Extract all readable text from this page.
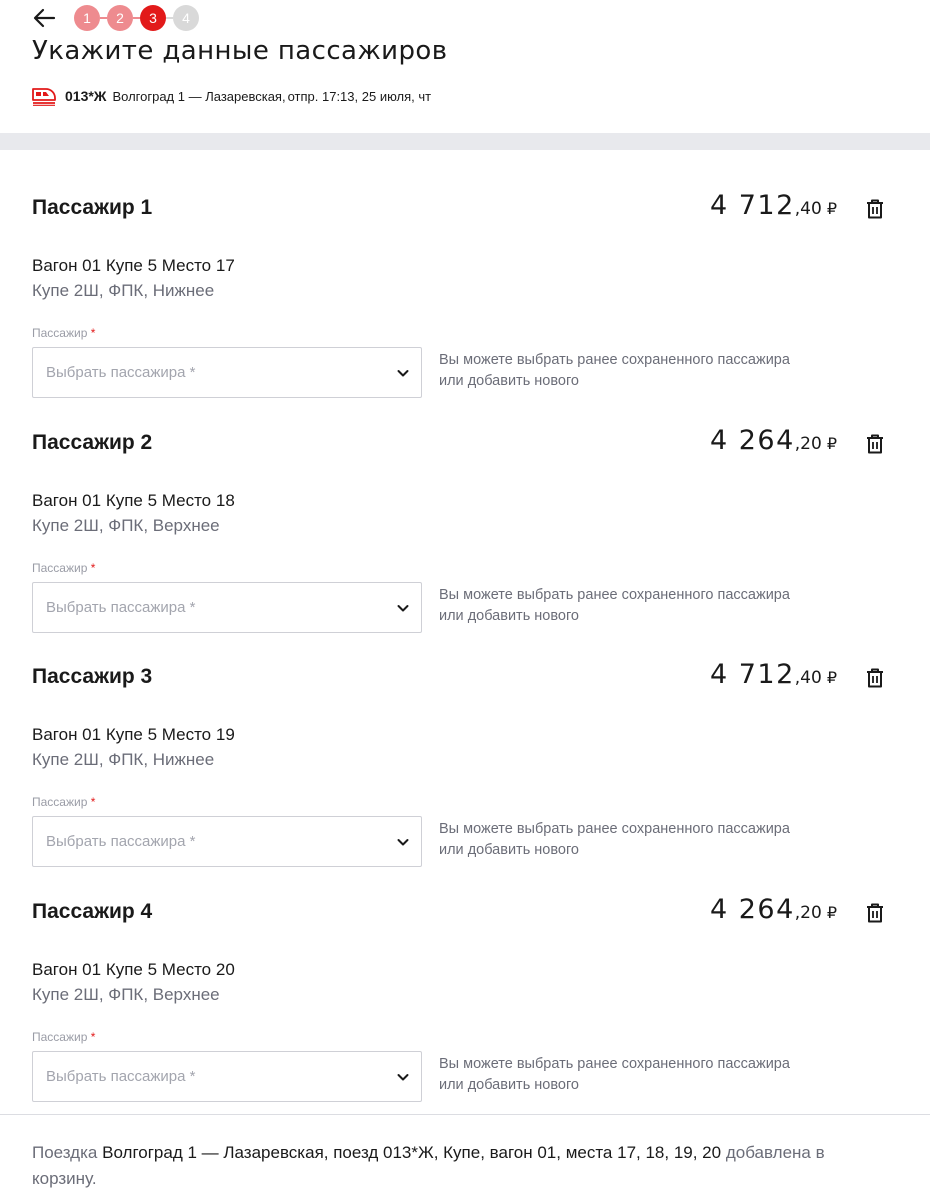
1	2	3	4
Укажите данные пассажиров
013*Ж Волгоград 1 — Лазаревская, отпр. 17:13, 25 июля, чт
Пассажир 1	4 712 ,40 ₽
Вагон 01 Купе 5 Место 17
Купе 2Ш, ФПК, Нижнее
Пассажир *
Выбрать пассажира *
Вы можете выбрать ранее сохраненного пассажира
или добавить нового
Пассажир 2	4 264 ,20 ₽
Вагон 01 Купе 5 Место 18
Купе 2Ш, ФПК, Верхнее
Пассажир *
Выбрать пассажира *
Вы можете выбрать ранее сохраненного пассажира
или добавить нового
Пассажир 3	4 712 ,40 ₽
Вагон 01 Купе 5 Место 19
Купе 2Ш, ФПК, Нижнее
Пассажир *
Выбрать пассажира *
Вы можете выбрать ранее сохраненного пассажира
или добавить нового
Пассажир 4	4 264 ,20 ₽
Вагон 01 Купе 5 Место 20
Купе 2Ш, ФПК, Верхнее
Пассажир *
Выбрать пассажира *
Вы можете выбрать ранее сохраненного пассажира
или добавить нового
Поездка Волгоград 1 — Лазаревская, поезд 013*Ж, Купе, вагон 01, места 17, 18, 19, 20 добавлена в корзину.
